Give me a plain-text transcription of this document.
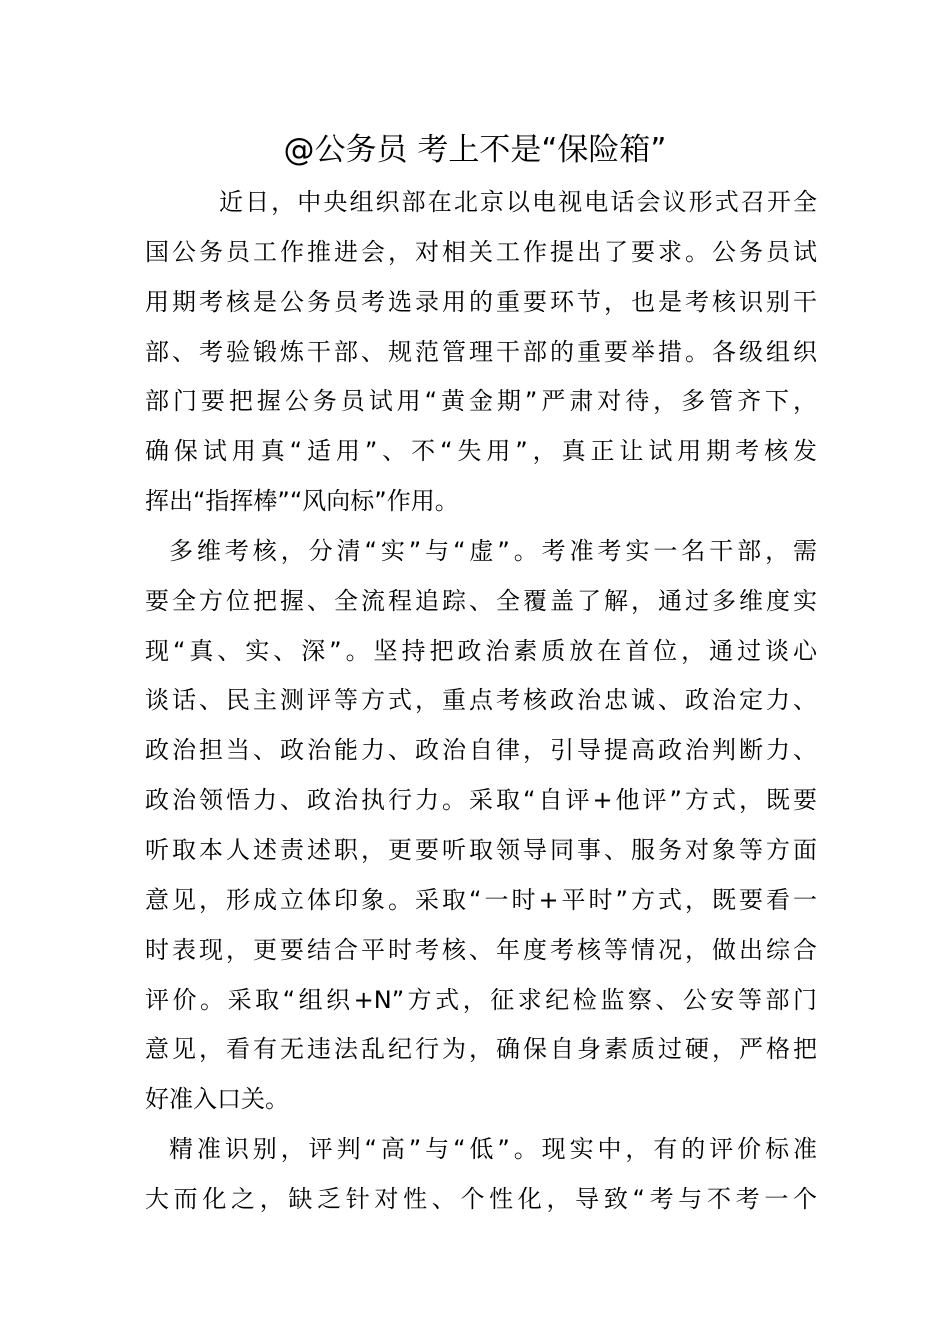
@公务员 考上不是“保险箱”
近日，中央组织部在北京以电视电话会议形式召开全
国公务员工作推进会，对相关工作提出了要求。公务员试
用期考核是公务员考选录用的重要环节，也是考核识别干
部、考验锻炼干部、规范管理干部的重要举措。各级组织
部门要把握公务员试用“黄金期”严肃对待，多管齐下，
确保试用真“适用”、不“失用”，真正让试用期考核发
挥出“指挥棒”“风向标”作用。
多维考核，分清“实”与“虚”。考准考实一名干部，需
要全方位把握、全流程追踪、全覆盖了解，通过多维度实
现“真、实、深”。坚持把政治素质放在首位，通过谈心
谈话、民主测评等方式，重点考核政治忠诚、政治定力、
政治担当、政治能力、政治自律，引导提高政治判断力、
政治领悟力、政治执行力。采取“自评+他评”方式，既要
听取本人述责述职，更要听取领导同事、服务对象等方面
意见，形成立体印象。采取“一时+平时”方式，既要看一
时表现，更要结合平时考核、年度考核等情况，做出综合
评价。采取“组织+N”方式，征求纪检监察、公安等部门
意见，看有无违法乱纪行为，确保自身素质过硬，严格把
好准入口关。
精准识别，评判“高”与“低”。现实中，有的评价标准
大而化之，缺乏针对性、个性化，导致“考与不考一个
